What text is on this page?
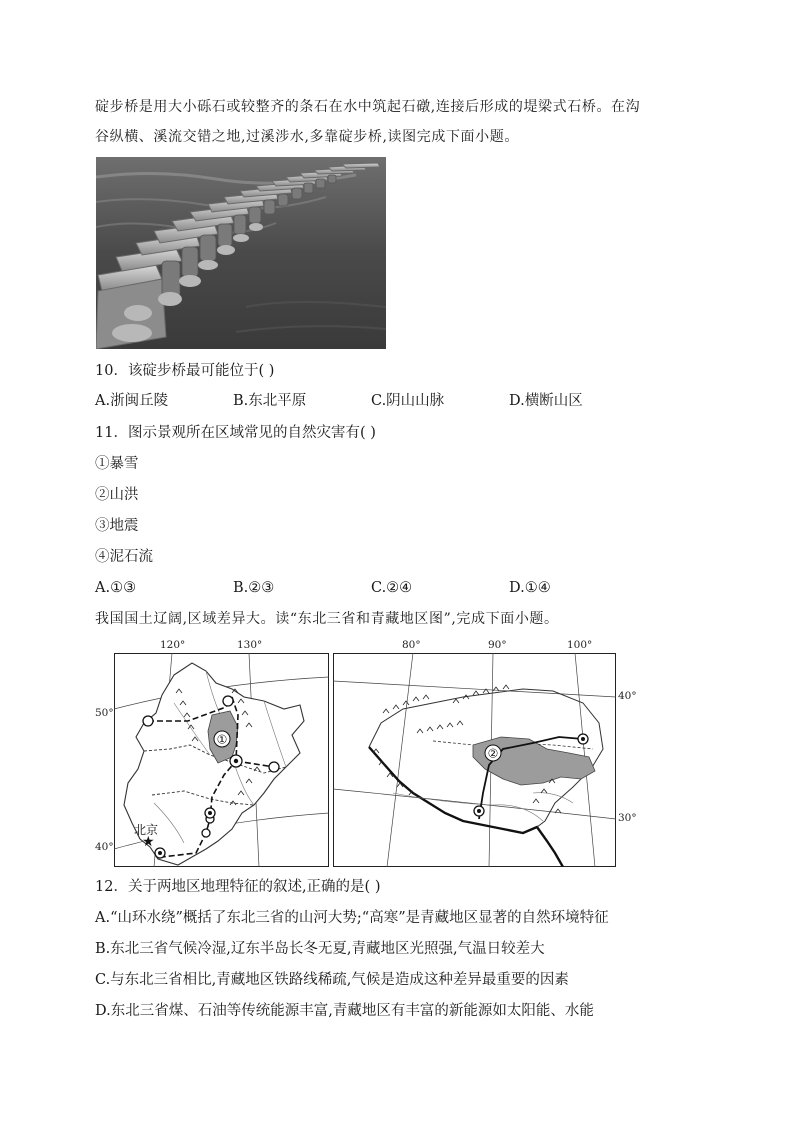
碇步桥是用大小砾石或较整齐的条石在水中筑起石礅,连接后形成的堤梁式石桥。在沟
谷纵横、溪流交错之地,过溪涉水,多靠碇步桥,读图完成下面小题。
10．该碇步桥最可能位于( )
A.浙闽丘陵	B.东北平原	C.阴山山脉	D.横断山区
11．图示景观所在区域常见的自然灾害有( )
①暴雪
②山洪
③地震
④泥石流
A.①③	B.②③	C.②④	D.①④
我国国土辽阔,区域差异大。读“东北三省和青藏地区图”,完成下面小题。
120°	130°
50°
40°
①
★
北京
80°	90°	100°
40°
30°
②
12．关于两地区地理特征的叙述,正确的是( )
A.“山环水绕”概括了东北三省的山河大势;“高寒”是青藏地区显著的自然环境特征
B.东北三省气候冷湿,辽东半岛长冬无夏,青藏地区光照强,气温日较差大
C.与东北三省相比,青藏地区铁路线稀疏,气候是造成这种差异最重要的因素
D.东北三省煤、石油等传统能源丰富,青藏地区有丰富的新能源如太阳能、水能
